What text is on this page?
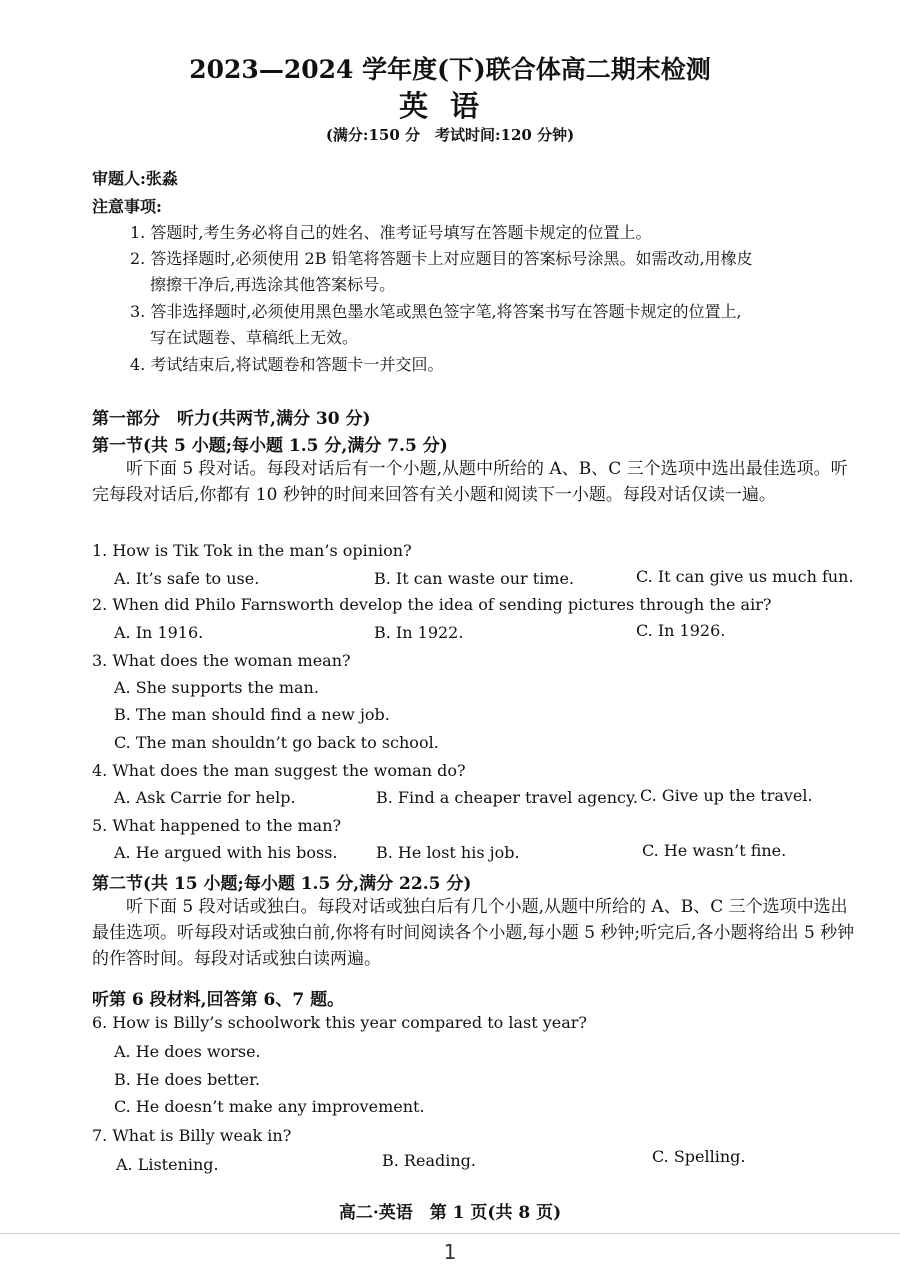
2023—2024 学年度(下)联合体高二期末检测
英语
(满分:150 分　考试时间:120 分钟)
审题人:张淼
注意事项:
1. 答题时,考生务必将自己的姓名、准考证号填写在答题卡规定的位置上。
2. 答选择题时,必须使用 2B 铅笔将答题卡上对应题目的答案标号涂黑。如需改动,用橡皮
擦擦干净后,再选涂其他答案标号。
3. 答非选择题时,必须使用黑色墨水笔或黑色签字笔,将答案书写在答题卡规定的位置上,
写在试题卷、草稿纸上无效。
4. 考试结束后,将试题卷和答题卡一并交回。
第一部分　听力(共两节,满分 30 分)
第一节(共 5 小题;每小题 1.5 分,满分 7.5 分)
听下面 5 段对话。每段对话后有一个小题,从题中所给的 A、B、C 三个选项中选出最佳选项。听完每段对话后,你都有 10 秒钟的时间来回答有关小题和阅读下一小题。每段对话仅读一遍。
1. How is Tik Tok in the man’s opinion?
A. It’s safe to use.	B. It can waste our time.	C. It can give us much fun.
2. When did Philo Farnsworth develop the idea of sending pictures through the air?
A. In 1916.	B. In 1922.	C. In 1926.
3. What does the woman mean?
A. She supports the man.
B. The man should find a new job.
C. The man shouldn’t go back to school.
4. What does the man suggest the woman do?
A. Ask Carrie for help.	B. Find a cheaper travel agency. C. Give up the travel.
5. What happened to the man?
A. He argued with his boss. B. He lost his job.	C. He wasn’t fine.
第二节(共 15 小题;每小题 1.5 分,满分 22.5 分)
听下面 5 段对话或独白。每段对话或独白后有几个小题,从题中所给的 A、B、C 三个选项中选出最佳选项。听每段对话或独白前,你将有时间阅读各个小题,每小题 5 秒钟;听完后,各小题将给出 5 秒钟的作答时间。每段对话或独白读两遍。
听第 6 段材料,回答第 6、7 题。
6. How is Billy’s schoolwork this year compared to last year?
A. He does worse.
B. He does better.
C. He doesn’t make any improvement.
7. What is Billy weak in?
A. Listening.	B. Reading.	C. Spelling.
高二·英语　第 1 页(共 8 页)
1
